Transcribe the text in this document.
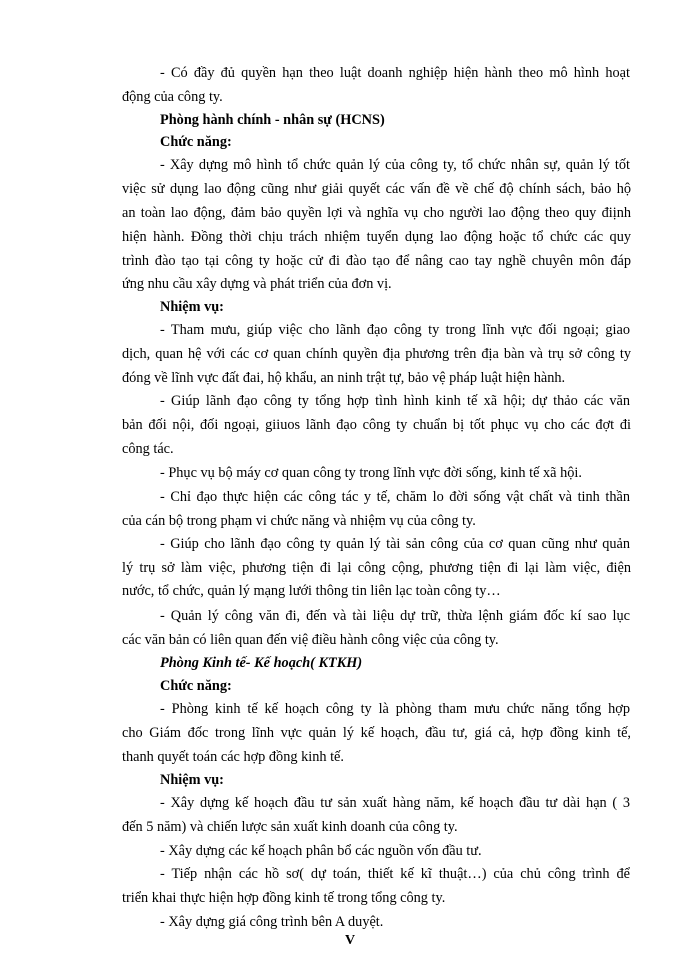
- Có đầy đủ quyền hạn theo luật doanh nghiệp hiện hành theo mô hình hoạt
động của công ty.
Phòng hành chính - nhân sự (HCNS)
Chức năng:
- Xây dựng mô hình tổ chức quản lý của công ty, tổ chức nhân sự, quản lý tốt
việc sử dụng lao động cũng như giải quyết các vấn đề về chế độ chính sách, bảo hộ
an toàn lao động, đảm bảo quyền lợi và nghĩa vụ cho người lao động theo quy điịnh
hiện hành. Đồng thời chịu trách nhiệm tuyển dụng lao động hoặc tổ chức các quy
trình đào tạo tại công ty hoặc cử đi đào tạo để nâng cao tay nghề chuyên môn đáp
ứng nhu cầu xây dựng và phát triển của đơn vị.
Nhiệm vụ:
- Tham mưu, giúp việc cho lãnh đạo công ty trong lĩnh vực đối ngoại; giao
dịch, quan hệ với các cơ quan chính quyền địa phương trên địa bàn và trụ sở công ty
đóng về lĩnh vực đất đai, hộ khẩu, an ninh trật tự, bảo vệ pháp luật hiện hành.
- Giúp lãnh đạo công ty tổng hợp tình hình kinh tế xã hội; dự thảo các văn
bản đối nội, đối ngoại, giiuos lãnh đạo công ty chuẩn bị tốt phục vụ cho các đợt đi
công tác.
- Phục vụ bộ máy cơ quan công ty trong lĩnh vực đời sống, kinh tế xã hội.
- Chỉ đạo thực hiện các công tác y tế, chăm lo đời sống vật chất và tinh thần
của cán bộ trong phạm vi chức năng và nhiệm vụ của công ty.
- Giúp cho lãnh đạo công ty quản lý tài sản công của cơ quan cũng như quản
lý trụ sở làm việc, phương tiện đi lại công cộng, phương tiện đi lại làm việc, điện
nước, tổ chức, quản lý mạng lưới thông tin liên lạc toàn công ty…
- Quản lý công văn đi, đến và tài liệu dự trữ, thừa lệnh giám đốc kí sao lục
các văn bản có liên quan đến việ điều hành công việc của công ty.
Phòng Kinh tế- Kế hoạch( KTKH)
Chức năng:
- Phòng kinh tế kế hoạch công ty là phòng tham mưu chức năng tổng hợp
cho Giám đốc trong lĩnh vực quản lý kế hoạch, đầu tư, giá cả, hợp đồng kinh tế,
thanh quyết toán các hợp đồng kinh tế.
Nhiệm vụ:
- Xây dựng kế hoạch đầu tư sản xuất hàng năm, kế hoạch đầu tư dài hạn ( 3
đến 5 năm) và chiến lược sản xuất kinh doanh của công ty.
- Xây dựng các kế hoạch phân bổ các nguồn vốn đầu tư.
- Tiếp nhận các hồ sơ( dự toán, thiết kế kĩ thuật…) của chủ công trình để
triển khai thực hiện hợp đồng kinh tế trong tổng công ty.
- Xây dựng giá công trình bên A duyệt.
V
